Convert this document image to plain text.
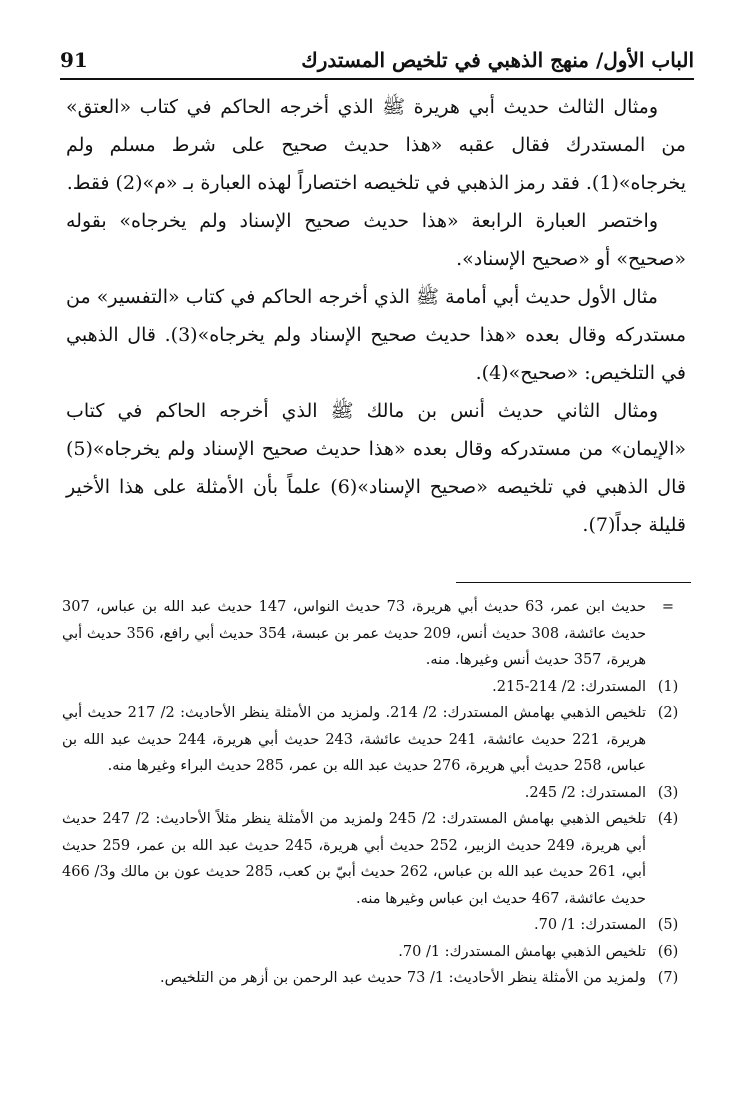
الباب الأول/ منهج الذهبي في تلخيص المستدرك
91

ومثال الثالث حديث أبي هريرة ﷺ الذي أخرجه الحاكم في كتاب «العتق» من المستدرك فقال عقبه «هذا حديث صحيح على شرط مسلم ولم يخرجاه»(1). فقد رمز الذهبي في تلخيصه اختصاراً لهذه العبارة بـ «م»(2) فقط.

واختصر العبارة الرابعة «هذا حديث صحيح الإسناد ولم يخرجاه» بقوله «صحيح» أو «صحيح الإسناد».

مثال الأول حديث أبي أمامة ﷺ الذي أخرجه الحاكم في كتاب «التفسير» من مستدركه وقال بعده «هذا حديث صحيح الإسناد ولم يخرجاه»(3). قال الذهبي في التلخيص: «صحيح»(4).

ومثال الثاني حديث أنس بن مالك ﷺ الذي أخرجه الحاكم في كتاب «الإيمان» من مستدركه وقال بعده «هذا حديث صحيح الإسناد ولم يخرجاه»(5) قال الذهبي في تلخيصه «صحيح الإسناد»(6) علماً بأن الأمثلة على هذا الأخير قليلة جداً(7).

=
حديث ابن عمر، 63 حديث أبي هريرة، 73 حديث النواس، 147 حديث عبد الله بن عباس، 307 حديث عائشة، 308 حديث أنس، 209 حديث عمر بن عبسة، 354 حديث أبي رافع، 356 حديث أبي هريرة، 357 حديث أنس وغيرها. منه.
(1)
المستدرك: 2/ 214-215.
(2)
تلخيص الذهبي بهامش المستدرك: 2/ 214. ولمزيد من الأمثلة ينظر الأحاديث: 2/ 217 حديث أبي هريرة، 221 حديث عائشة، 241 حديث عائشة، 243 حديث أبي هريرة، 244 حديث عبد الله بن عباس، 258 حديث أبي هريرة، 276 حديث عبد الله بن عمر، 285 حديث البراء وغيرها منه.
(3)
المستدرك: 2/ 245.
(4)
تلخيص الذهبي بهامش المستدرك: 2/ 245 ولمزيد من الأمثلة ينظر مثلاً الأحاديث: 2/ 247 حديث أبي هريرة، 249 حديث الزبير، 252 حديث أبي هريرة، 245 حديث عبد الله بن عمر، 259 حديث أبي، 261 حديث عبد الله بن عباس، 262 حديث أبيّ بن كعب، 285 حديث عون بن مالك و3/ 466 حديث عائشة، 467 حديث ابن عباس وغيرها منه.
(5)
المستدرك: 1/ 70.
(6)
تلخيص الذهبي بهامش المستدرك: 1/ 70.
(7)
ولمزيد من الأمثلة ينظر الأحاديث: 1/ 73 حديث عبد الرحمن بن أزهر من التلخيص.
